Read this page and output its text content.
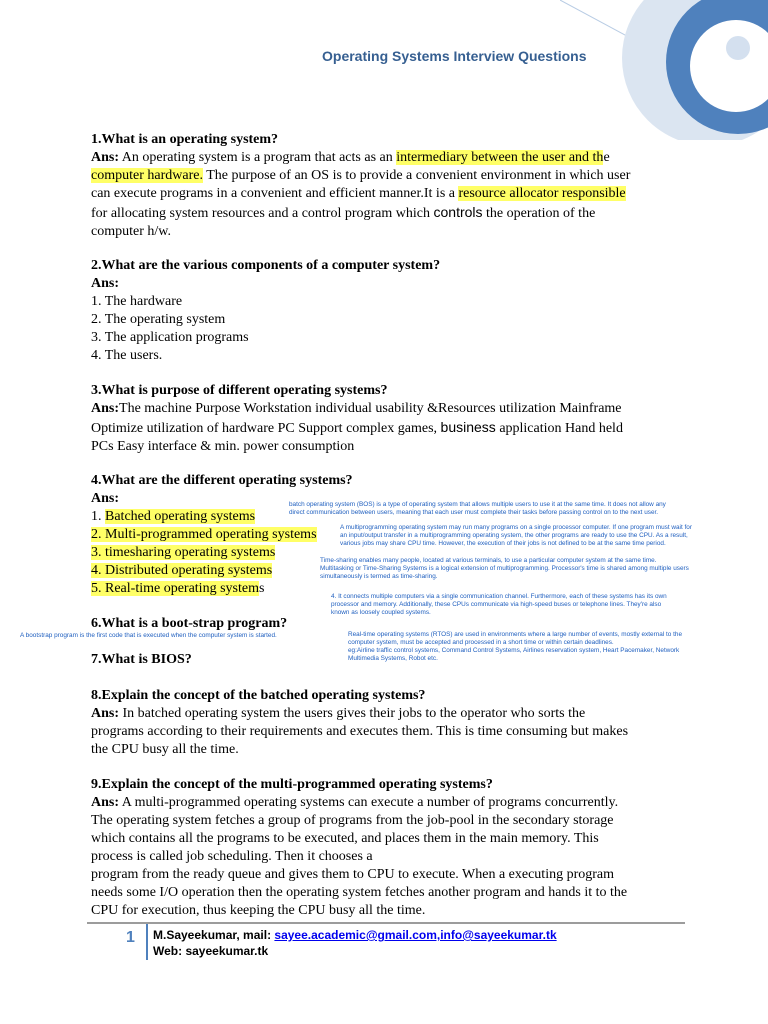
Operating Systems Interview Questions
1.What is an operating system?
Ans: An operating system is a program that acts as an intermediary between the user and the
computer hardware. The purpose of an OS is to provide a convenient environment in which user
can execute programs in a convenient and efficient manner.It is a resource allocator responsible
for allocating system resources and a control program which controls the operation of the
computer h/w.
2.What are the various components of a computer system?
Ans:
1. The hardware
2. The operating system
3. The application programs
4. The users.
3.What is purpose of different operating systems?
Ans:The machine Purpose Workstation individual usability &Resources utilization Mainframe
Optimize utilization of hardware PC Support complex games, business application Hand held
PCs Easy interface & min. power consumption
4.What are the different operating systems?
Ans:
1. Batched operating systems
2. Multi-programmed operating systems
3. timesharing operating systems
4. Distributed operating systems
5. Real-time operating systems
batch operating system (BOS) is a type of operating system that allows multiple users to use it at the same time. It does not allow any
direct communication between users, meaning that each user must complete their tasks before passing control on to the next user.
A multiprogramming operating system may run many programs on a single processor computer. If one program must wait for
an input/output transfer in a multiprogramming operating system, the other programs are ready to use the CPU. As a result,
various jobs may share CPU time. However, the execution of their jobs is not defined to be at the same time period.
Time-sharing enables many people, located at various terminals, to use a particular computer system at the same time.
Multitasking or Time-Sharing Systems is a logical extension of multiprogramming. Processor's time is shared among multiple users
simultaneously is termed as time-sharing.
4. It connects multiple computers via a single communication channel. Furthermore, each of these systems has its own
processor and memory. Additionally, these CPUs communicate via high-speed buses or telephone lines. They're also
known as loosely coupled systems.
Real-time operating systems (RTOS) are used in environments where a large number of events, mostly external to the
computer system, must be accepted and processed in a short time or within certain deadlines.
eg:Airline traffic control systems, Command Control Systems, Airlines reservation system, Heart Pacemaker, Network
Multimedia Systems, Robot etc.
6.What is a boot-strap program?
A bootstrap program is the first code that is executed when the computer system is started.
7.What is BIOS?
8.Explain the concept of the batched operating systems?
Ans: In batched operating system the users gives their jobs to the operator who sorts the
programs according to their requirements and executes them. This is time consuming but makes
the CPU busy all the time.
9.Explain the concept of the multi-programmed operating systems?
Ans: A multi-programmed operating systems can execute a number of programs concurrently.
The operating system fetches a group of programs from the job-pool in the secondary storage
which contains all the programs to be executed, and places them in the main memory. This
process is called job scheduling. Then it chooses a
program from the ready queue and gives them to CPU to execute. When a executing program
needs some I/O operation then the operating system fetches another program and hands it to the
CPU for execution, thus keeping the CPU busy all the time.
1 M.Sayeekumar, mail: sayee.academic@gmail.com,info@sayeekumar.tk
Web: sayeekumar.tk
